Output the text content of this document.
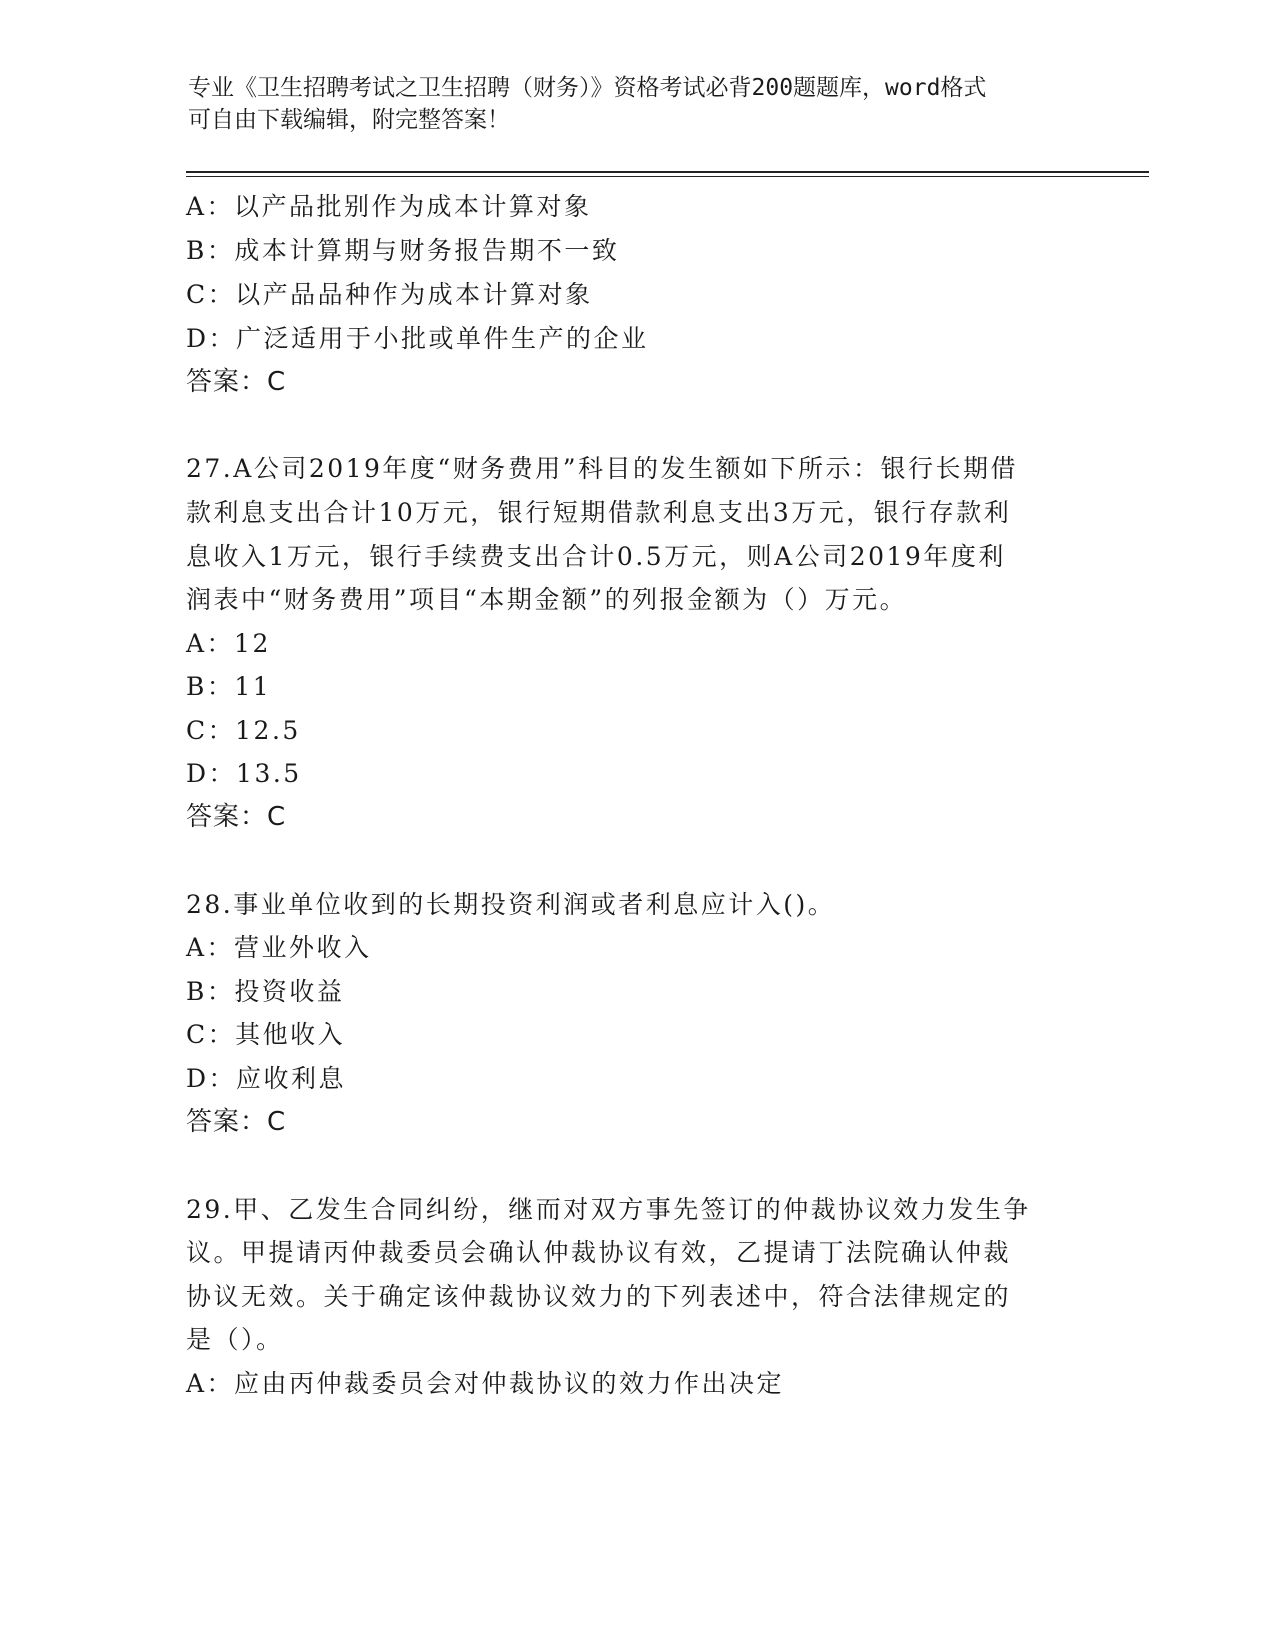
专业《卫生招聘考试之卫生招聘（财务）》资格考试必背200题题库，word格式
可自由下载编辑，附完整答案！
A：以产品批别作为成本计算对象
B：成本计算期与财务报告期不一致
C：以产品品种作为成本计算对象
D：广泛适用于小批或单件生产的企业
答案：C
27.A公司2019年度“财务费用”科目的发生额如下所示：银行长期借
款利息支出合计10万元，银行短期借款利息支出3万元，银行存款利
息收入1万元，银行手续费支出合计0.5万元，则A公司2019年度利
润表中“财务费用”项目“本期金额”的列报金额为（）万元。
A：12
B：11
C：12.5
D：13.5
答案：C
28.事业单位收到的长期投资利润或者利息应计入()。
A：营业外收入
B：投资收益
C：其他收入
D：应收利息
答案：C
29.甲、乙发生合同纠纷，继而对双方事先签订的仲裁协议效力发生争
议。甲提请丙仲裁委员会确认仲裁协议有效，乙提请丁法院确认仲裁
协议无效。关于确定该仲裁协议效力的下列表述中，符合法律规定的
是（）。
A：应由丙仲裁委员会对仲裁协议的效力作出决定
